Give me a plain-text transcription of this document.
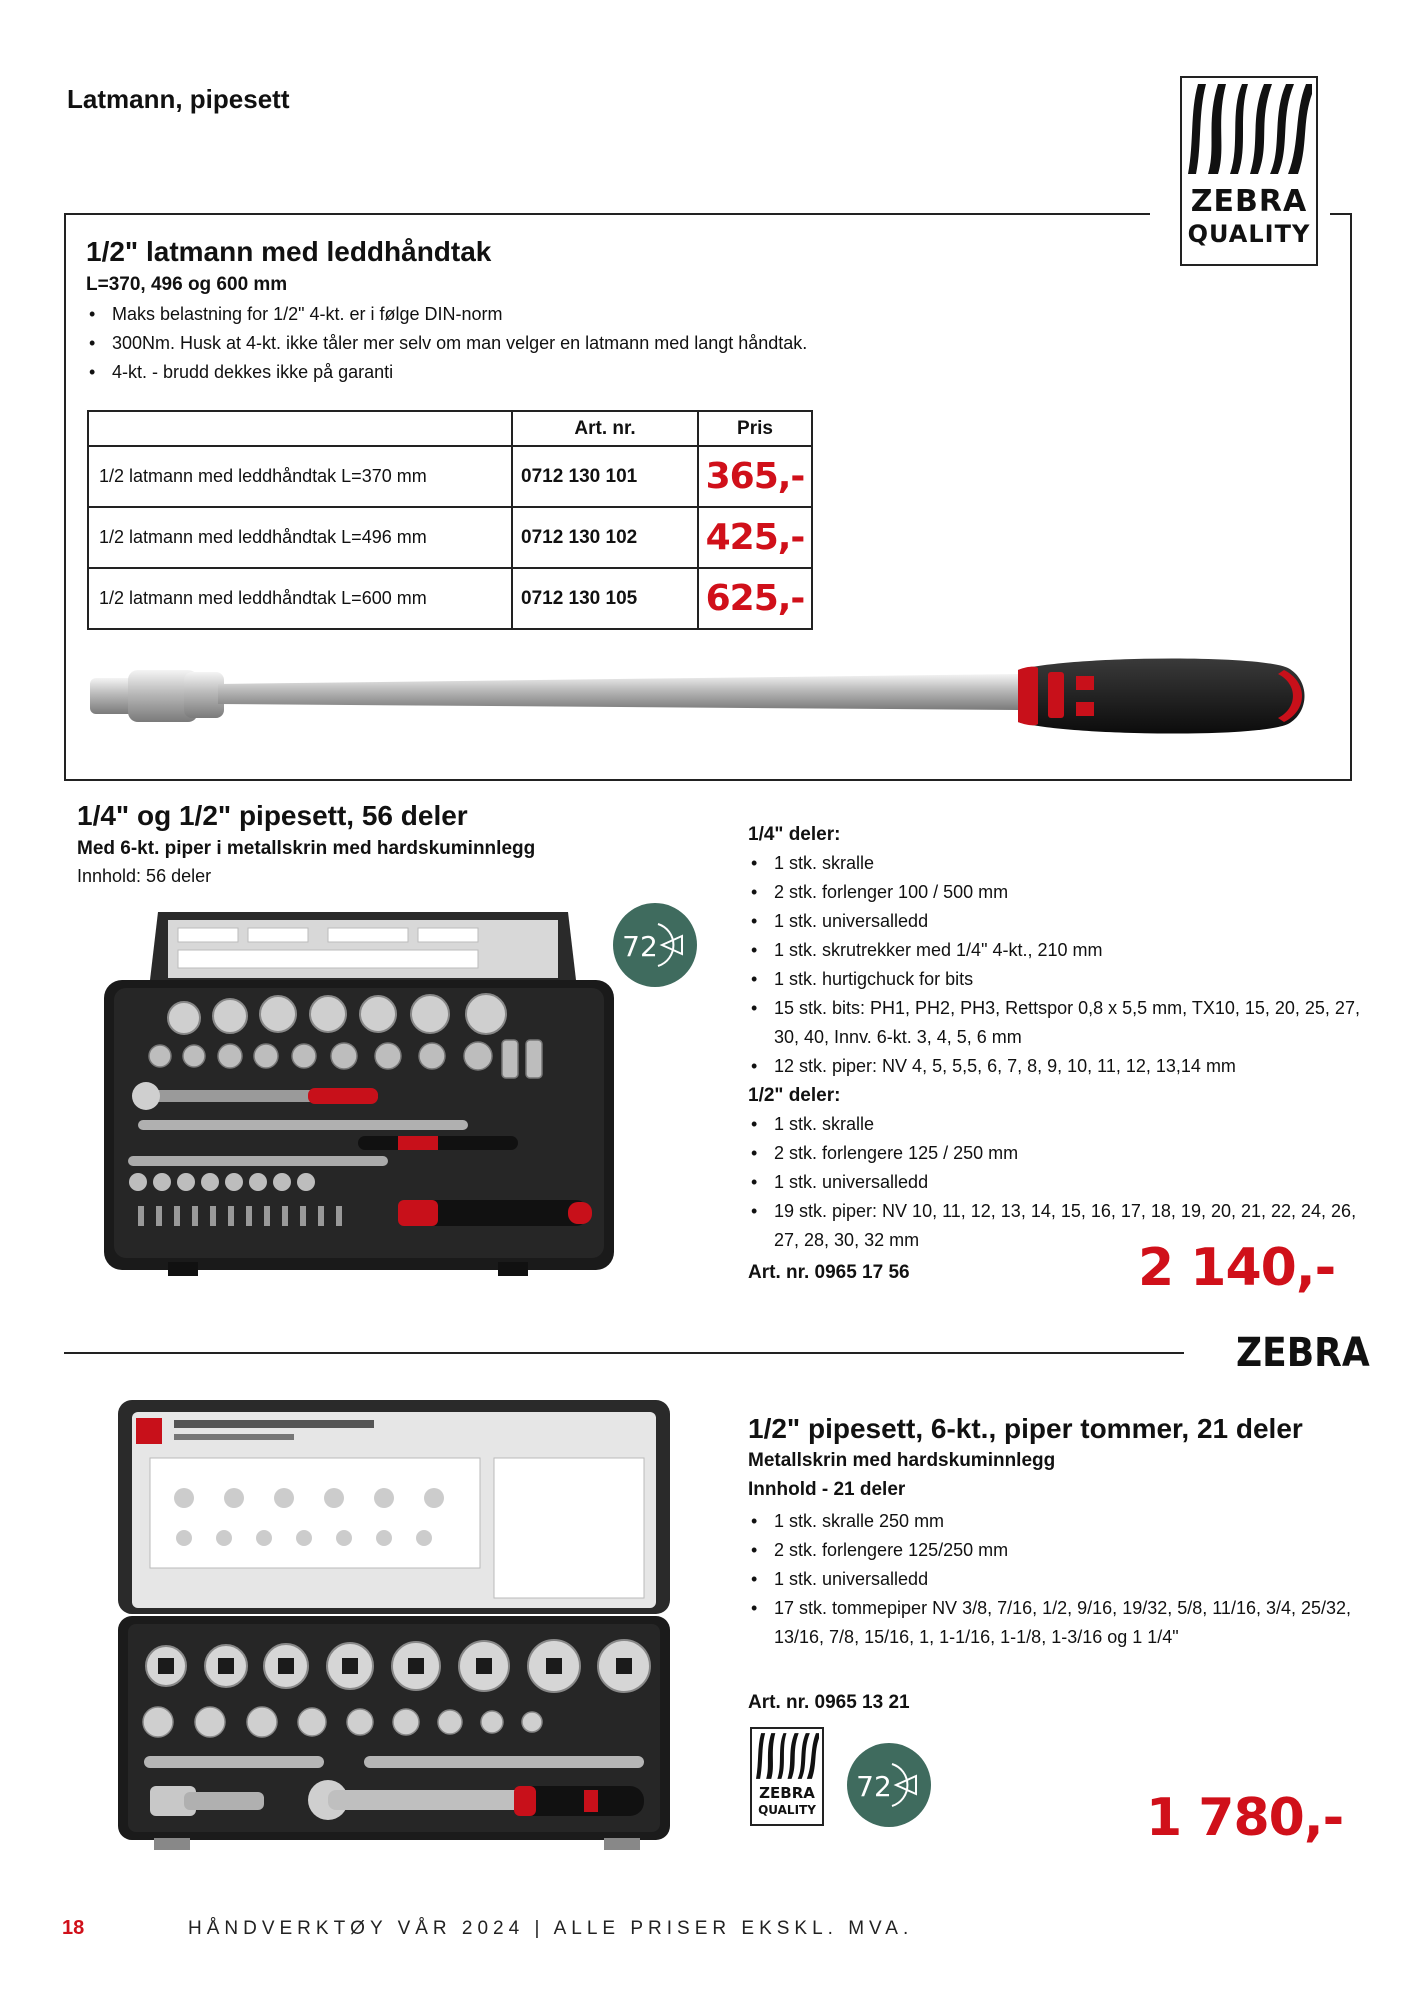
Latmann, pipesett
ZEBRA
QUALITY
1/2" latmann med leddhåndtak
L=370, 496 og 600 mm
• Maks belastning for 1/2" 4-kt. er i følge DIN-norm
• 300Nm. Husk at 4-kt. ikke tåler mer selv om man velger en latmann med langt håndtak.
• 4-kt. - brudd dekkes ikke på garanti
	Art. nr.	Pris
1/2 latmann med leddhåndtak L=370 mm	0712 130 101	365,-
1/2 latmann med leddhåndtak L=496 mm	0712 130 102	425,-
1/2 latmann med leddhåndtak L=600 mm	0712 130 105	625,-
1/4" og 1/2" pipesett, 56 deler
Med 6-kt. piper i metallskrin med hardskuminnlegg
Innhold: 56 deler
72
1/4" deler:
• 1 stk. skralle
• 2 stk. forlenger 100 / 500 mm
• 1 stk. universalledd
• 1 stk. skrutrekker med 1/4" 4-kt., 210 mm
• 1 stk. hurtigchuck for bits
• 15 stk. bits: PH1, PH2, PH3, Rettspor 0,8 x 5,5 mm, TX10, 15, 20, 25, 27, 30, 40, Innv. 6-kt. 3, 4, 5, 6 mm
• 12 stk. piper: NV 4, 5, 5,5, 6, 7, 8, 9, 10, 11, 12, 13,14 mm
1/2" deler:
• 1 stk. skralle
• 2 stk. forlengere 125 / 250 mm
• 1 stk. universalledd
• 19 stk. piper: NV 10, 11, 12, 13, 14, 15, 16, 17, 18, 19, 20, 21, 22, 24, 26, 27, 28, 30, 32 mm
Art. nr. 0965 17 56	2 140,-
ZEBRA
1/2" pipesett, 6-kt., piper tommer, 21 deler
Metallskrin med hardskuminnlegg
Innhold - 21 deler
• 1 stk. skralle 250 mm
• 2 stk. forlengere 125/250 mm
• 1 stk. universalledd
• 17 stk. tommepiper NV 3/8, 7/16, 1/2, 9/16, 19/32, 5/8, 11/16, 3/4, 25/32, 13/16, 7/8, 15/16, 1, 1-1/16, 1-1/8, 1-3/16 og 1 1/4"
Art. nr. 0965 13 21
ZEBRA
QUALITY
72
1 780,-
18	HÅNDVERKTØY VÅR 2024 | ALLE PRISER EKSKL. MVA.
